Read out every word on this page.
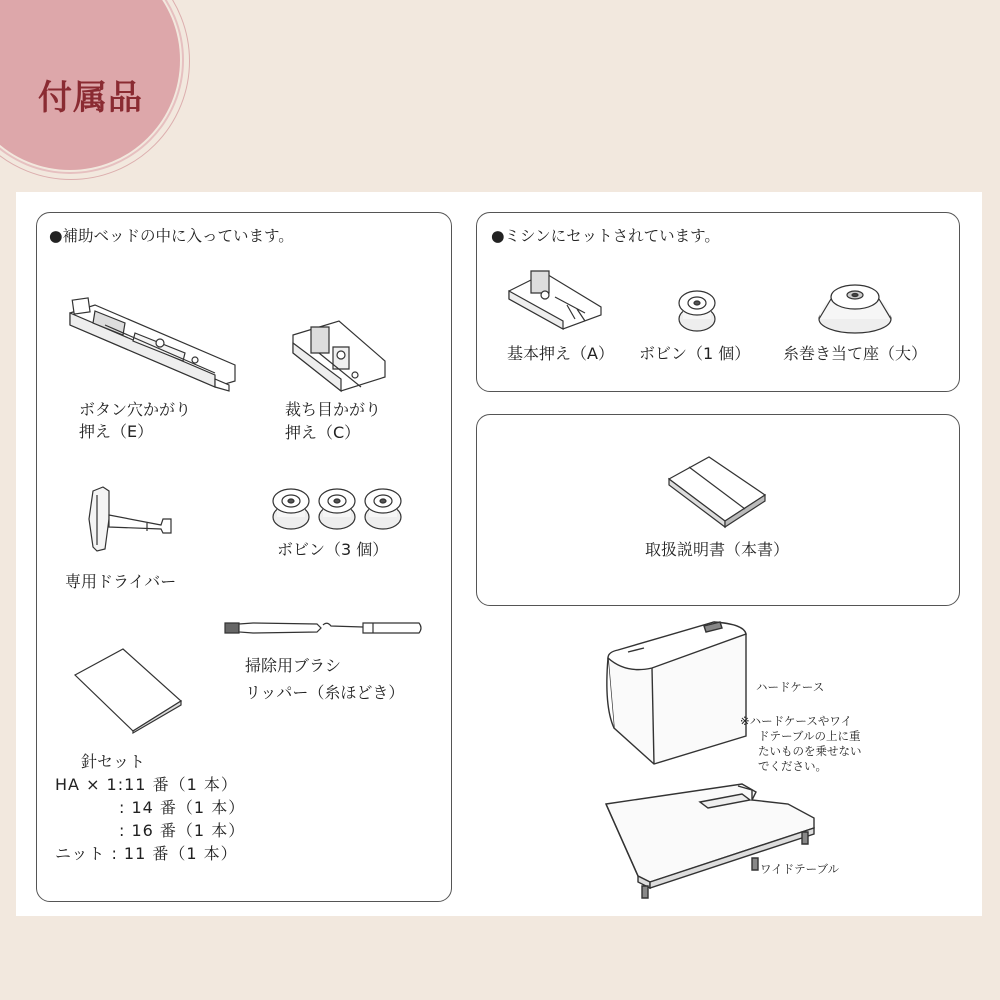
付属品
●補助ベッドの中に入っています。
ボタン穴かがり
押え（E）
裁ち目かがり
押え（C）
専用ドライバー
ボビン（3 個）
掃除用ブラシ
リッパー（糸ほどき）
針セット
HA × 1:11 番（1 本）
: 14 番（1 本）
: 16 番（1 本）
ニット : 11 番（1 本）
●ミシンにセットされています。
基本押え（A） ボビン（1 個） 糸巻き当て座（大）
取扱説明書（本書）
ハードケース
※ハードケースやワイ
ドテーブルの上に重
たいものを乗せない
でください。
ワイドテーブル
